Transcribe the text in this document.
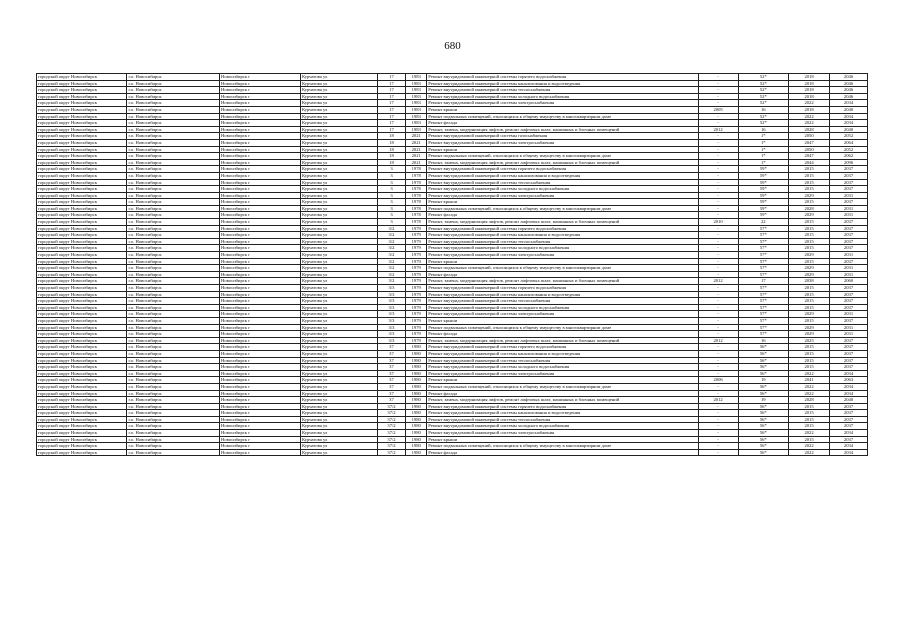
680
городской округ Новосибирск	г.о. Новосибирск	Новосибирск г	Курчатова ул	17	1983	Ремонт внутридомовой инженерной системы горячего водоснабжения	-	52*	2018	2046
городской округ Новосибирск	г.о. Новосибирск	Новосибирск г	Курчатова ул	17	1983	Ремонт внутридомовой инженерной системы канализования и водоотведения	-	52*	2018	2046
городской округ Новосибирск	г.о. Новосибирск	Новосибирск г	Курчатова ул	17	1983	Ремонт внутридомовой инженерной системы теплоснабжения	-	52*	2018	2046
городской округ Новосибирск	г.о. Новосибирск	Новосибирск г	Курчатова ул	17	1983	Ремонт внутридомовой инженерной системы холодного водоснабжения	-	52*	2018	2046
городской округ Новосибирск	г.о. Новосибирск	Новосибирск г	Курчатова ул	17	1983	Ремонт внутридомовой инженерной системы электроснабжения	-	52*	2022	2034
городской округ Новосибирск	г.о. Новосибирск	Новосибирск г	Курчатова ул	17	1983	Ремонт крыши	2005	16	2018	2040
городской округ Новосибирск	г.о. Новосибирск	Новосибирск г	Курчатова ул	17	1983	Ремонт подвальных помещений, относящихся к общему имуществу в многоквартирном доме	-	52*	2022	2034
городской округ Новосибирск	г.о. Новосибирск	Новосибирск г	Курчатова ул	17	1983	Ремонт фасада	-	52*	2022	2034
городской округ Новосибирск	г.о. Новосибирск	Новосибирск г	Курчатова ул	17	1983	Ремонт, замена, модернизация лифтов, ремонт лифтовых шахт, машинных и блочных помещений	2012	16	2028	2040
городской округ Новосибирск	г.о. Новосибирск	Новосибирск г	Курчатова ул	18	2021	Ремонт внутридомовой инженерной системы газоснабжения	-	1*	2050	2052
городской округ Новосибирск	г.о. Новосибирск	Новосибирск г	Курчатова ул	18	2021	Ремонт внутридомовой инженерной системы электроснабжения	-	1*	2047	2064
городской округ Новосибирск	г.о. Новосибирск	Новосибирск г	Курчатова ул	18	2021	Ремонт крыши	-	1*	2050	2052
городской округ Новосибирск	г.о. Новосибирск	Новосибирск г	Курчатова ул	18	2021	Ремонт подвальных помещений, относящихся к общему имуществу в многоквартирном доме	-	1*	2047	2062
городской округ Новосибирск	г.о. Новосибирск	Новосибирск г	Курчатова ул	18	2021	Ремонт, замена, модернизация лифтов, ремонт лифтовых шахт, машинных и блочных помещений	-	1*	2044	2096
городской округ Новосибирск	г.о. Новосибирск	Новосибирск г	Курчатова ул	3	1978	Ремонт внутридомовой инженерной системы горячего водоснабжения	-	59*	2015	2037
городской округ Новосибирск	г.о. Новосибирск	Новосибирск г	Курчатова ул	3	1978	Ремонт внутридомовой инженерной системы канализования и водоотведения	-	59*	2015	2037
городской округ Новосибирск	г.о. Новосибирск	Новосибирск г	Курчатова ул	3	1978	Ремонт внутридомовой инженерной системы теплоснабжения	-	59*	2015	2037
городской округ Новосибирск	г.о. Новосибирск	Новосибирск г	Курчатова ул	3	1978	Ремонт внутридомовой инженерной системы холодного водоснабжения	-	59*	2015	2037
городской округ Новосибирск	г.о. Новосибирск	Новосибирск г	Курчатова ул	3	1978	Ремонт внутридомовой инженерной системы электроснабжения	-	59*	2029	2031
городской округ Новосибирск	г.о. Новосибирск	Новосибирск г	Курчатова ул	3	1978	Ремонт крыши	-	59*	2015	2037
городской округ Новосибирск	г.о. Новосибирск	Новосибирск г	Курчатова ул	3	1978	Ремонт подвальных помещений, относящихся к общему имуществу в многоквартирном доме	-	59*	2028	2031
городской округ Новосибирск	г.о. Новосибирск	Новосибирск г	Курчатова ул	3	1978	Ремонт фасада	-	59*	2029	2031
городской округ Новосибирск	г.о. Новосибирск	Новосибирск г	Курчатова ул	3	1978	Ремонт, замена, модернизация лифтов, ремонт лифтовых шахт, машинных и блочных помещений	2010	22	2015	2037
городской округ Новосибирск	г.о. Новосибирск	Новосибирск г	Курчатова ул	3/2	1979	Ремонт внутридомовой инженерной системы горячего водоснабжения	-	57*	2015	2037
городской округ Новосибирск	г.о. Новосибирск	Новосибирск г	Курчатова ул	3/2	1979	Ремонт внутридомовой инженерной системы канализования и водоотведения	-	57*	2015	2037
городской округ Новосибирск	г.о. Новосибирск	Новосибирск г	Курчатова ул	3/2	1979	Ремонт внутридомовой инженерной системы теплоснабжения	-	57*	2015	2037
городской округ Новосибирск	г.о. Новосибирск	Новосибирск г	Курчатова ул	3/2	1979	Ремонт внутридомовой инженерной системы холодного водоснабжения	-	57*	2015	2037
городской округ Новосибирск	г.о. Новосибирск	Новосибирск г	Курчатова ул	3/2	1979	Ремонт внутридомовой инженерной системы электроснабжения	-	57*	2029	2031
городской округ Новосибирск	г.о. Новосибирск	Новосибирск г	Курчатова ул	3/2	1979	Ремонт крыши	-	57*	2015	2037
городской округ Новосибирск	г.о. Новосибирск	Новосибирск г	Курчатова ул	3/2	1979	Ремонт подвальных помещений, относящихся к общему имуществу в многоквартирном доме	-	57*	2029	2031
городской округ Новосибирск	г.о. Новосибирск	Новосибирск г	Курчатова ул	3/2	1979	Ремонт фасада	-	57*	2029	2031
городской округ Новосибирск	г.о. Новосибирск	Новосибирск г	Курчатова ул	3/2	1979	Ремонт, замена, модернизация лифтов, ремонт лифтовых шахт, машинных и блочных помещений	2012	17	2038	2060
городской округ Новосибирск	г.о. Новосибирск	Новосибирск г	Курчатова ул	3/3	1979	Ремонт внутридомовой инженерной системы горячего водоснабжения	-	57*	2015	2037
городской округ Новосибирск	г.о. Новосибирск	Новосибирск г	Курчатова ул	3/3	1979	Ремонт внутридомовой инженерной системы канализования и водоотведения	-	57*	2015	2037
городской округ Новосибирск	г.о. Новосибирск	Новосибирск г	Курчатова ул	3/3	1979	Ремонт внутридомовой инженерной системы теплоснабжения	-	57*	2015	2037
городской округ Новосибирск	г.о. Новосибирск	Новосибирск г	Курчатова ул	3/3	1979	Ремонт внутридомовой инженерной системы холодного водоснабжения	-	57*	2015	2037
городской округ Новосибирск	г.о. Новосибирск	Новосибирск г	Курчатова ул	3/3	1979	Ремонт внутридомовой инженерной системы электроснабжения	-	57*	2029	2031
городской округ Новосибирск	г.о. Новосибирск	Новосибирск г	Курчатова ул	3/3	1979	Ремонт крыши	-	57*	2015	2037
городской округ Новосибирск	г.о. Новосибирск	Новосибирск г	Курчатова ул	3/3	1979	Ремонт подвальных помещений, относящихся к общему имуществу в многоквартирном доме	-	57*	2029	2031
городской округ Новосибирск	г.о. Новосибирск	Новосибирск г	Курчатова ул	3/3	1979	Ремонт фасада	-	57*	2029	2031
городской округ Новосибирск	г.о. Новосибирск	Новосибирск г	Курчатова ул	3/3	1979	Ремонт, замена, модернизация лифтов, ремонт лифтовых шахт, машинных и блочных помещений	2012	16	2025	2037
городской округ Новосибирск	г.о. Новосибирск	Новосибирск г	Курчатова ул	37	1980	Ремонт внутридомовой инженерной системы горячего водоснабжения	-	56*	2015	2037
городской округ Новосибирск	г.о. Новосибирск	Новосибирск г	Курчатова ул	37	1980	Ремонт внутридомовой инженерной системы канализования и водоотведения	-	56*	2015	2037
городской округ Новосибирск	г.о. Новосибирск	Новосибирск г	Курчатова ул	37	1980	Ремонт внутридомовой инженерной системы теплоснабжения	-	56*	2015	2037
городской округ Новосибирск	г.о. Новосибирск	Новосибирск г	Курчатова ул	37	1980	Ремонт внутридомовой инженерной системы холодного водоснабжения	-	56*	2015	2037
городской округ Новосибирск	г.о. Новосибирск	Новосибирск г	Курчатова ул	37	1980	Ремонт внутридомовой инженерной системы электроснабжения	-	56*	2022	2034
городской округ Новосибирск	г.о. Новосибирск	Новосибирск г	Курчатова ул	37	1980	Ремонт крыши	2006	19	2041	2063
городской округ Новосибирск	г.о. Новосибирск	Новосибирск г	Курчатова ул	37	1980	Ремонт подвальных помещений, относящихся к общему имуществу в многоквартирном доме	-	56*	2022	2034
городской округ Новосибирск	г.о. Новосибирск	Новосибирск г	Курчатова ул	37	1980	Ремонт фасада	-	56*	2022	2034
городской округ Новосибирск	г.о. Новосибирск	Новосибирск г	Курчатова ул	37	1980	Ремонт, замена, модернизация лифтов, ремонт лифтовых шахт, машинных и блочных помещений	2012	19	2028	2040
городской округ Новосибирск	г.о. Новосибирск	Новосибирск г	Курчатова ул	37/2	1980	Ремонт внутридомовой инженерной системы горячего водоснабжения	-	56*	2015	2037
городской округ Новосибирск	г.о. Новосибирск	Новосибирск г	Курчатова ул	37/2	1980	Ремонт внутридомовой инженерной системы канализования и водоотведения	-	56*	2015	2037
городской округ Новосибирск	г.о. Новосибирск	Новосибирск г	Курчатова ул	37/2	1980	Ремонт внутридомовой инженерной системы теплоснабжения	-	56*	2015	2037
городской округ Новосибирск	г.о. Новосибирск	Новосибирск г	Курчатова ул	37/2	1980	Ремонт внутридомовой инженерной системы холодного водоснабжения	-	56*	2015	2037
городской округ Новосибирск	г.о. Новосибирск	Новосибирск г	Курчатова ул	37/2	1980	Ремонт внутридомовой инженерной системы электроснабжения	-	56*	2022	2034
городской округ Новосибирск	г.о. Новосибирск	Новосибирск г	Курчатова ул	37/2	1980	Ремонт крыши	-	56*	2015	2037
городской округ Новосибирск	г.о. Новосибирск	Новосибирск г	Курчатова ул	37/2	1980	Ремонт подвальных помещений, относящихся к общему имуществу в многоквартирном доме	-	56*	2022	2034
городской округ Новосибирск	г.о. Новосибирск	Новосибирск г	Курчатова ул	37/2	1980	Ремонт фасада	-	56*	2022	2034
